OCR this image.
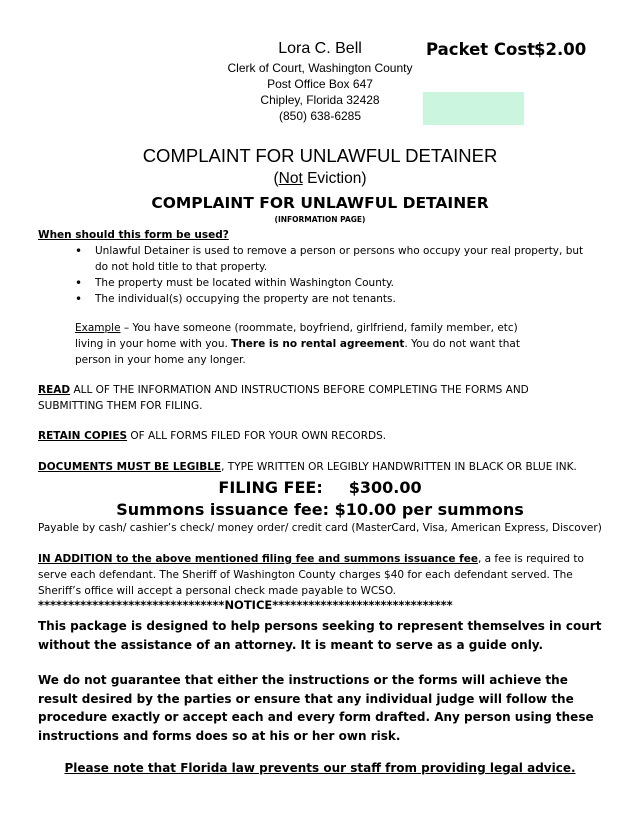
Lora C. Bell
Clerk of Court, Washington County
Post Office Box 647
Chipley, Florida 32428
(850) 638-6285
Packet Cost
$2.00
COMPLAINT FOR UNLAWFUL DETAINER
(Not Eviction)
COMPLAINT FOR UNLAWFUL DETAINER
(INFORMATION PAGE)
When should this form be used?
• Unlawful Detainer is used to remove a person or persons who occupy your real property, but do not hold title to that property.
• The property must be located within Washington County.
• The individual(s) occupying the property are not tenants.
Example – You have someone (roommate, boyfriend, girlfriend, family member, etc) living in your home with you. There is no rental agreement. You do not want that person in your home any longer.
READ ALL OF THE INFORMATION AND INSTRUCTIONS BEFORE COMPLETING THE FORMS AND SUBMITTING THEM FOR FILING.
RETAIN COPIES OF ALL FORMS FILED FOR YOUR OWN RECORDS.
DOCUMENTS MUST BE LEGIBLE, TYPE WRITTEN OR LEGIBLY HANDWRITTEN IN BLACK OR BLUE INK.
FILING FEE: $300.00
Summons issuance fee: $10.00 per summons
Payable by cash/ cashier’s check/ money order/ credit card (MasterCard, Visa, American Express, Discover)
IN ADDITION to the above mentioned filing fee and summons issuance fee, a fee is required to serve each defendant. The Sheriff of Washington County charges $40 for each defendant served. The Sheriff’s office will accept a personal check made payable to WCSO.
*******************************NOTICE******************************
This package is designed to help persons seeking to represent themselves in court without the assistance of an attorney. It is meant to serve as a guide only.
We do not guarantee that either the instructions or the forms will achieve the result desired by the parties or ensure that any individual judge will follow the procedure exactly or accept each and every form drafted. Any person using these instructions and forms does so at his or her own risk.
Please note that Florida law prevents our staff from providing legal advice.
